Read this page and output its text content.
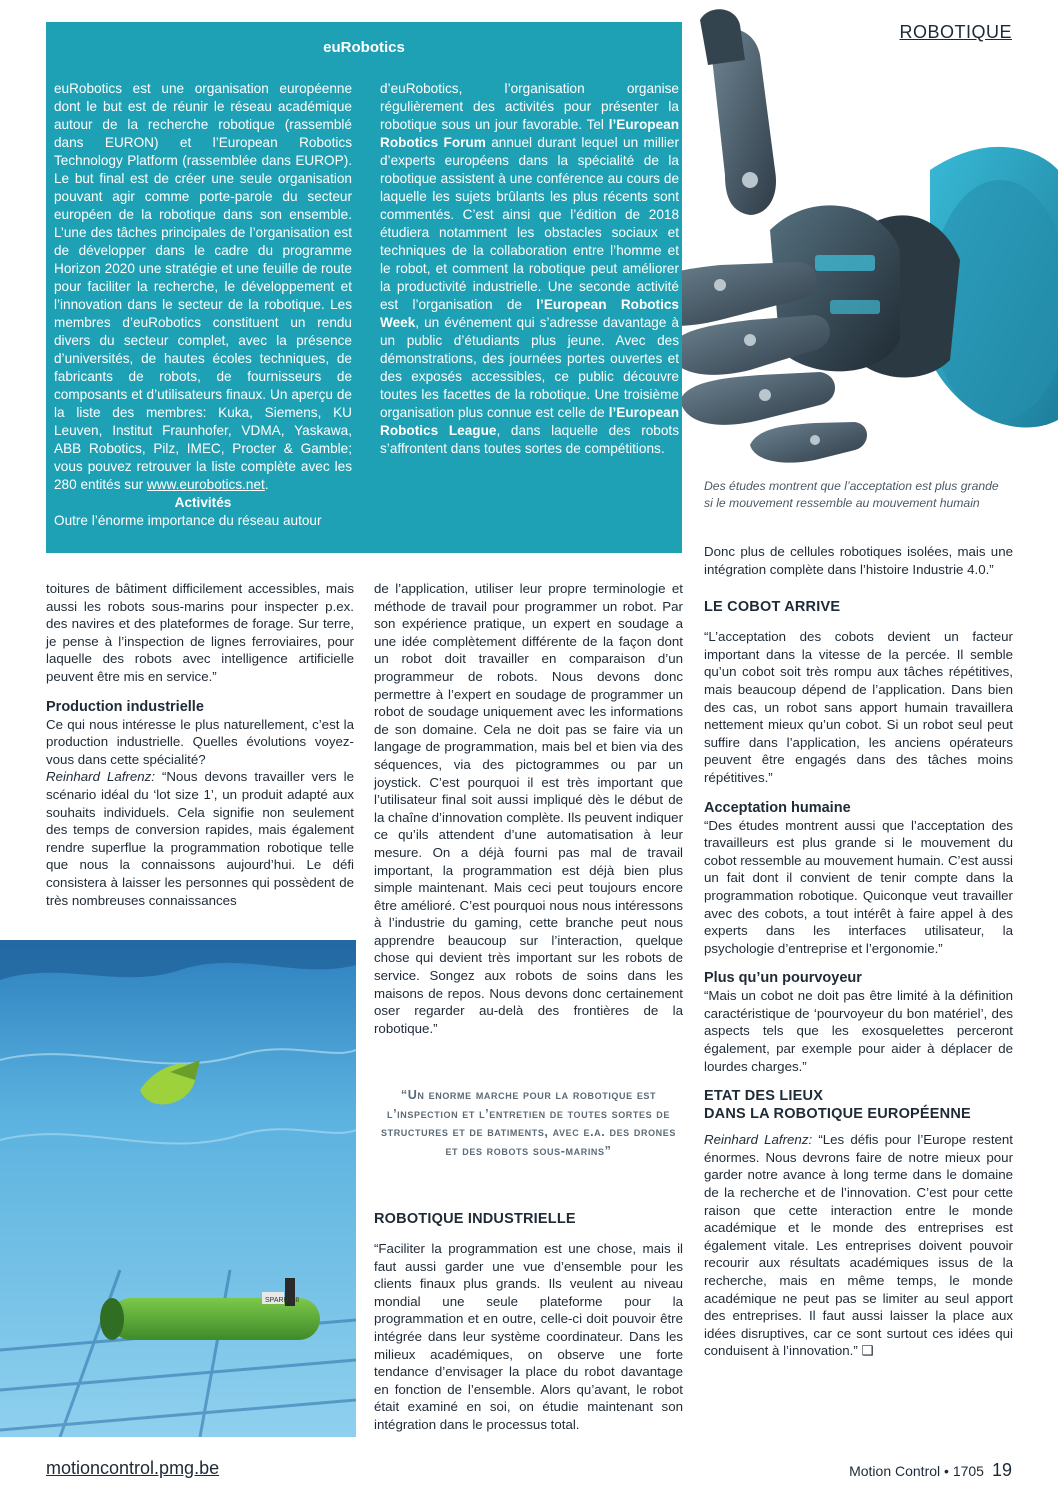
ROBOTIQUE

euRobotics

euRobotics est une organisation européenne dont le but est de réunir le réseau académique autour de la recherche robotique (rassemblé dans EURON) et l’European Robotics Technology Platform (rassemblée dans EUROP). Le but final est de créer une seule organisation pouvant agir comme porte-parole du secteur européen de la robotique dans son ensemble. L’une des tâches principales de l’organisation est de développer dans le cadre du programme Horizon 2020 une stratégie et une feuille de route pour faciliter la recherche, le développement et l’innovation dans le secteur de la robotique. Les membres d’euRobotics constituent un rendu divers du secteur complet, avec la présence d’universités, de hautes écoles techniques, de fabricants de robots, de fournisseurs de composants et d’utilisateurs finaux. Un aperçu de la liste des membres: Kuka, Siemens, KU Leuven, Institut Fraunhofer, VDMA, Yaskawa, ABB Robotics, Pilz, IMEC, Procter & Gamble; vous pouvez retrouver la liste complète avec les 280 entités sur www.eurobotics.net.

Activités

Outre l’énorme importance du réseau autour

d’euRobotics, l’organisation organise régulièrement des activités pour présenter la robotique sous un jour favorable. Tel l’European Robotics Forum annuel durant lequel un millier d’experts européens dans la spécialité de la robotique assistent à une conférence au cours de laquelle les sujets brûlants les plus récents sont commentés. C’est ainsi que l’édition de 2018 étudiera notamment les obstacles sociaux et techniques de la collaboration entre l’homme et le robot, et comment la robotique peut améliorer la productivité industrielle. Une seconde activité est l’organisation de l’European Robotics Week, un événement qui s’adresse davantage à un public d’étudiants plus jeune. Avec des démonstrations, des journées portes ouvertes et des exposés accessibles, ce public découvre toutes les facettes de la robotique. Une troisième organisation plus connue est celle de l’European Robotics League, dans laquelle des robots s’affrontent dans toutes sortes de compétitions.

Des études montrent que l’acceptation est plus grande si le mouvement ressemble au mouvement humain

toitures de bâtiment difficilement accessibles, mais aussi les robots sous-marins pour inspecter p.ex. des navires et des plateformes de forage. Sur terre, je pense à l’inspection de lignes ferroviaires, pour laquelle des robots avec intelligence artificielle peuvent être mis en service.”

Production industrielle

Ce qui nous intéresse le plus naturellement, c’est la production industrielle. Quelles évolutions voyez-vous dans cette spécialité?

Reinhard Lafrenz: “Nous devons travailler vers le scénario idéal du ‘lot size 1’, un produit adapté aux souhaits individuels. Cela signifie non seulement des temps de conversion rapides, mais également rendre superflue la programmation robotique telle que nous la connaissons aujourd’hui. Le défi consistera à laisser les personnes qui possèdent de très nombreuses connaissances

SPARUS II

de l’application, utiliser leur propre terminologie et méthode de travail pour programmer un robot. Par son expérience pratique, un expert en soudage a une idée complètement différente de la façon dont un robot doit travailler en comparaison d’un programmeur de robots. Nous devons donc permettre à l’expert en soudage de programmer un robot de soudage uniquement avec les informations de son domaine. Cela ne doit pas se faire via un langage de programmation, mais bel et bien via des séquences, via des pictogrammes ou par un joystick. C’est pourquoi il est très important que l’utilisateur final soit aussi impliqué dès le début de la chaîne d’innovation complète. Ils peuvent indiquer ce qu’ils attendent d’une automatisation à leur mesure. On a déjà fourni pas mal de travail important, la programmation est déjà bien plus simple maintenant. Mais ceci peut toujours encore être amélioré. C’est pourquoi nous nous intéressons à l’industrie du gaming, cette branche peut nous apprendre beaucoup sur l’interaction, quelque chose qui devient très important sur les robots de service. Songez aux robots de soins dans les maisons de repos. Nous devons donc certainement oser regarder au-delà des frontières de la robotique.”

“Un enorme marche pour la robotique est l’inspection et l’entretien de toutes sortes de structures et de batiments, avec e.a. des drones et des robots sous-marins”

ROBOTIQUE INDUSTRIELLE

“Faciliter la programmation est une chose, mais il faut aussi garder une vue d’ensemble pour les clients finaux plus grands. Ils veulent au niveau mondial une seule plateforme pour la programmation et en outre, celle-ci doit pouvoir être intégrée dans leur système coordinateur. Dans les milieux académiques, on observe une forte tendance d’envisager la place du robot davantage en fonction de l’ensemble. Alors qu’avant, le robot était examiné en soi, on étudie maintenant son intégration dans le processus total.

Donc plus de cellules robotiques isolées, mais une intégration complète dans l’histoire Industrie 4.0.”

LE COBOT ARRIVE

“L’acceptation des cobots devient un facteur important dans la vitesse de la percée. Il semble qu’un cobot soit très rompu aux tâches répétitives, mais beaucoup dépend de l’application. Dans bien des cas, un robot sans apport humain travaillera nettement mieux qu’un cobot. Si un robot seul peut suffire dans l’application, les anciens opérateurs peuvent être engagés dans des tâches moins répétitives.”

Acceptation humaine

“Des études montrent aussi que l’acceptation des travailleurs est plus grande si le mouvement du cobot ressemble au mouvement humain. C’est aussi un fait dont il convient de tenir compte dans la programmation robotique. Quiconque veut travailler avec des cobots, a tout intérêt à faire appel à des experts dans les interfaces utilisateur, la psychologie d’entreprise et l’ergonomie.”

Plus qu’un pourvoyeur

“Mais un cobot ne doit pas être limité à la définition caractéristique de ‘pourvoyeur du bon matériel’, des aspects tels que les exosquelettes perceront également, par exemple pour aider à déplacer de lourdes charges.”

ETAT DES LIEUX

DANS LA ROBOTIQUE EUROPÉENNE

Reinhard Lafrenz: “Les défis pour l’Europe restent énormes. Nous devrons faire de notre mieux pour garder notre avance à long terme dans le domaine de la recherche et de l’innovation. C’est pour cette raison que cette interaction entre le monde académique et le monde des entreprises est également vitale. Les entreprises doivent pouvoir recourir aux résultats académiques issus de la recherche, mais en même temps, le monde académique ne peut pas se limiter au seul apport des entreprises. Il faut aussi laisser la place aux idées disruptives, car ce sont surtout ces idées qui conduisent à l’innovation.” ❑

motioncontrol.pmg.be	Motion Control • 1705 19
